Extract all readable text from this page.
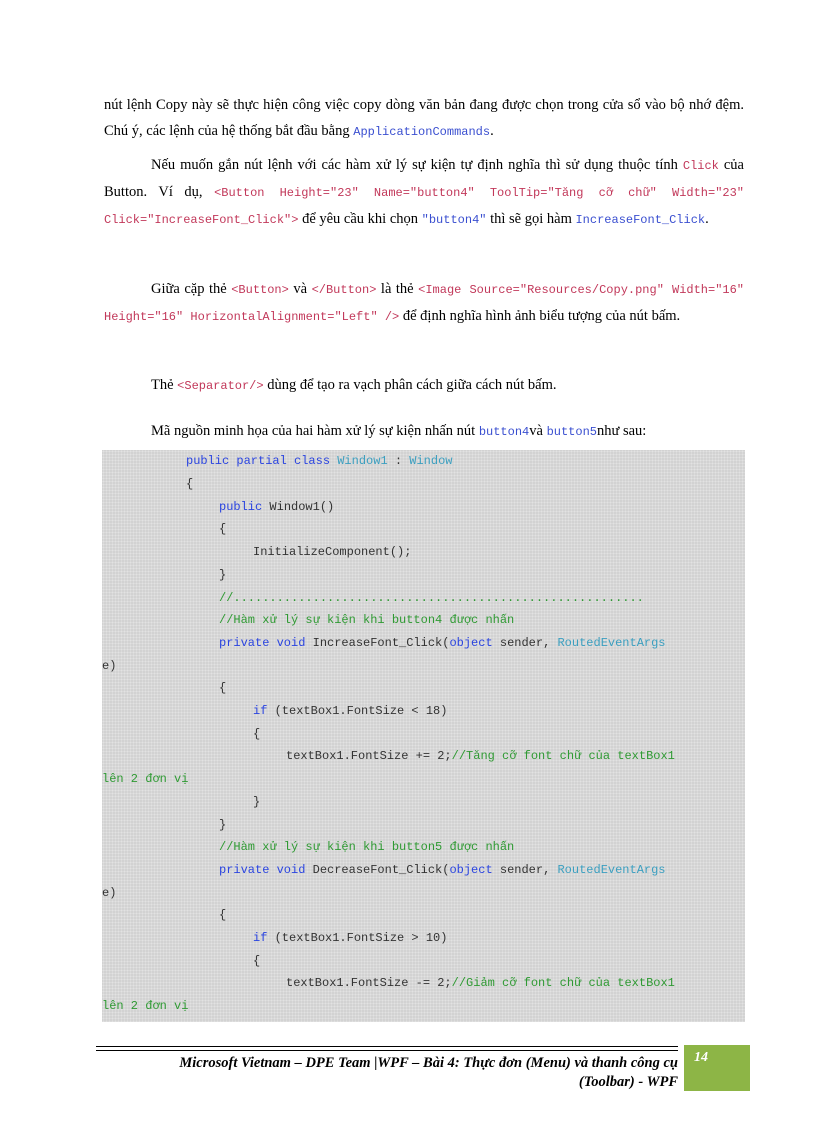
nút lệnh Copy này sẽ thực hiện công việc copy dòng văn bản đang được chọn trong cửa sổ vào bộ nhớ đệm. Chú ý, các lệnh của hệ thống bắt đầu bằng ApplicationCommands.

Nếu muốn gắn nút lệnh với các hàm xử lý sự kiện tự định nghĩa thì sử dụng thuộc tính Click của Button. Ví dụ, <Button Height="23" Name="button4" ToolTip="Tăng cỡ chữ" Width="23" Click="IncreaseFont_Click"> để yêu cầu khi chọn "button4" thì sẽ gọi hàm IncreaseFont_Click.

Giữa cặp thẻ <Button> và </Button> là thẻ <Image Source="Resources/Copy.png" Width="16" Height="16" HorizontalAlignment="Left" /> để định nghĩa hình ảnh biểu tượng của nút bấm.

Thẻ <Separator/> dùng để tạo ra vạch phân cách giữa cách nút bấm.

Mã nguồn minh họa của hai hàm xử lý sự kiện nhấn nút button4và button5như sau:

public partial class Window1 : Window
{
public Window1()
{
InitializeComponent();
}
//.........................................................
//Hàm xử lý sự kiện khi button4 được nhấn
private void IncreaseFont_Click(object sender, RoutedEventArgs
e)
{
if (textBox1.FontSize < 18)
{
textBox1.FontSize += 2;//Tăng cỡ font chữ của textBox1
lên 2 đơn vị
}
}
//Hàm xử lý sự kiện khi button5 được nhấn
private void DecreaseFont_Click(object sender, RoutedEventArgs
e)
{
if (textBox1.FontSize > 10)
{
textBox1.FontSize -= 2;//Giảm cỡ font chữ của textBox1
lên 2 đơn vị
Microsoft Vietnam – DPE Team |WPF – Bài 4: Thực đơn (Menu) và thanh công cụ
(Toolbar) - WPF
14
